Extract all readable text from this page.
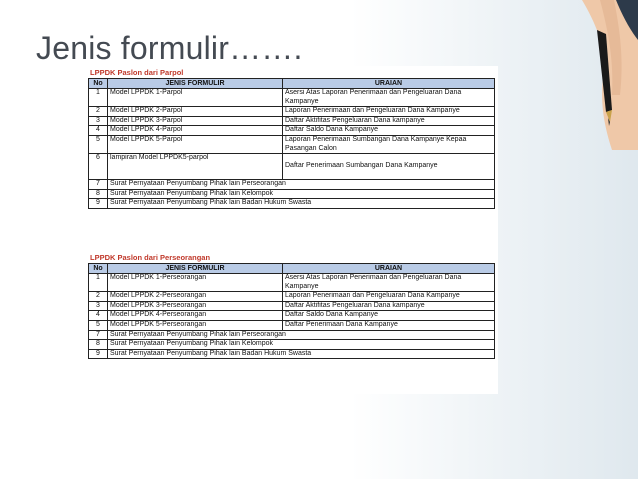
Jenis formulir…….
LPPDK Paslon dari Parpol
No	JENIS FORMULIR	URAIAN
1	Model LPPDK 1-Parpol	Asersi Atas Laporan Penerimaan dan Pengeluaran Dana Kampanye
2	Model LPPDK 2-Parpol	Laporan Penerimaan dan Pengeluaran Dana Kampanye
3	Model LPPDK 3-Parpol	Daftar Aktifitas Pengeluaran Dana kampanye
4	Model LPPDK 4-Parpol	Daftar Saldo Dana Kampanye
5	Model LPPDK 5-Parpol	Laporan Penerimaan Sumbangan Dana Kampanye Kepaa Pasangan Calon
6	lampiran Model LPPDK5-parpol	Daftar Penerimaan Sumbangan Dana Kampanye
7	Surat Pernyataan Penyumbang Pihak lain Perseorangan	
8	Surat Pernyataan Penyumbang Pihak lain Kelompok	
9	Surat Pernyataan Penyumbang Pihak lain Badan Hukum Swasta	
LPPDK Paslon dari Perseorangan
No	JENIS FORMULIR	URAIAN
1	Model LPPDK 1-Perseorangan	Asersi Atas Laporan Penerimaan dan Pengeluaran Dana Kampanye
2	Model LPPDK 2-Perseorangan	Laporan Penerimaan dan Pengeluaran Dana Kampanye
3	Model LPPDK 3-Perseorangan	Daftar Aktifitas Pengeluaran Dana kampanye
4	Model LPPDK 4-Perseorangan	Daftar Saldo Dana Kampanye
5	Model LPPDK 5-Perseorangan	Daftar Penerimaan Dana Kampanye
7	Surat Pernyataan Penyumbang Pihak lain Perseorangan	
8	Surat Pernyataan Penyumbang Pihak lain Kelompok	
9	Surat Pernyataan Penyumbang Pihak lain Badan Hukum Swasta	
